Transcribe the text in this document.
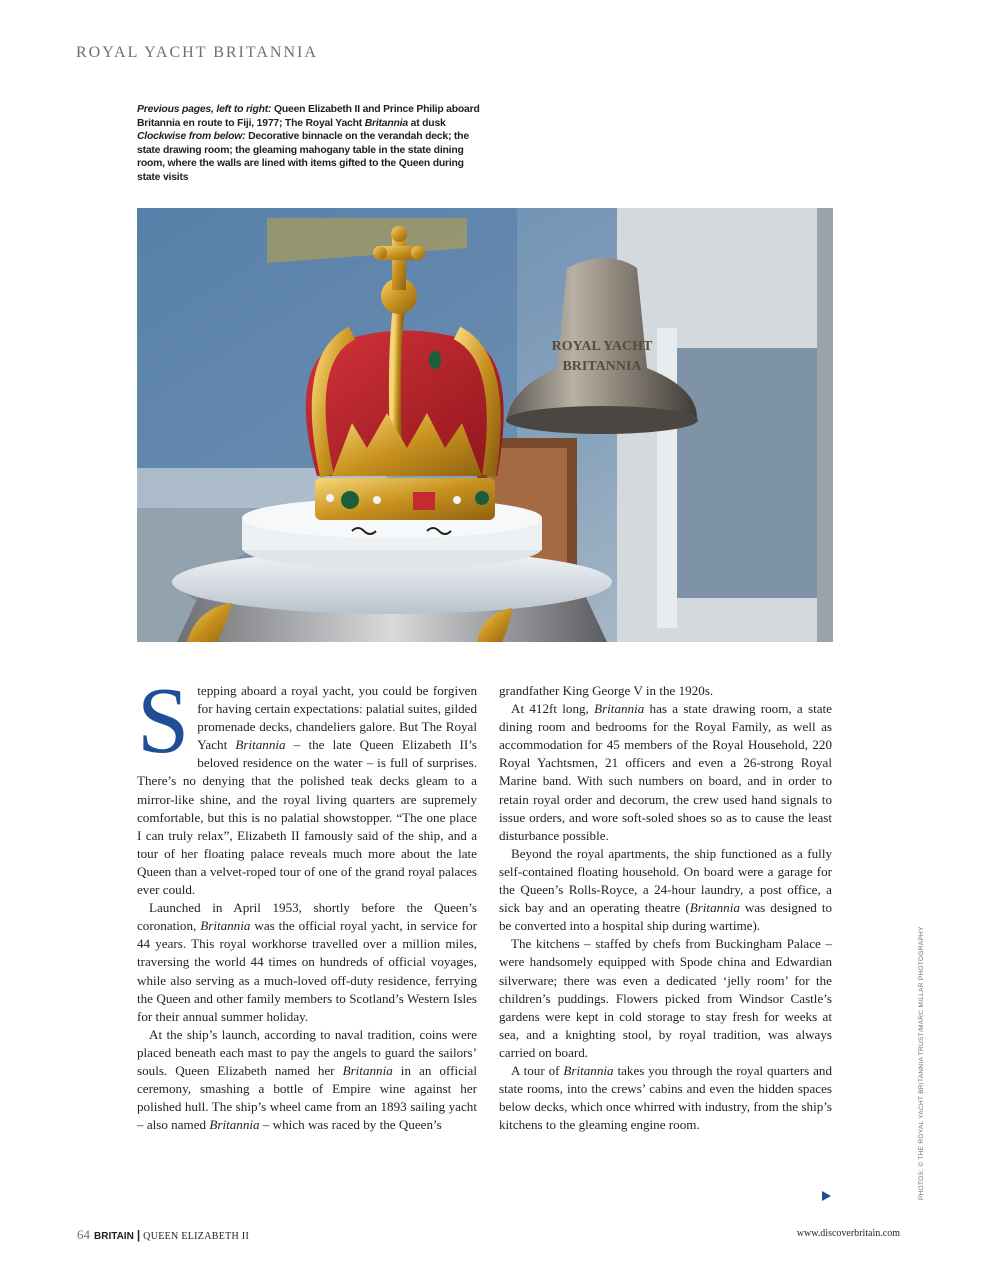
ROYAL YACHT BRITANNIA

Previous pages, left to right: Queen Elizabeth II and Prince Philip aboard Britannia en route to Fiji, 1977; The Royal Yacht Britannia at dusk

Clockwise from below: Decorative binnacle on the verandah deck; the state drawing room; the gleaming mahogany table in the state dining room, where the walls are lined with items gifted to the Queen during state visits

ROYAL YACHT
BRITANNIA

Stepping aboard a royal yacht, you could be forgiven for having certain expectations: palatial suites, gilded promenade decks, chandeliers galore. But The Royal Yacht Britannia – the late Queen Elizabeth II’s beloved residence on the water – is full of surprises. There’s no denying that the polished teak decks gleam to a mirror-like shine, and the royal living quarters are supremely comfortable, but this is no palatial showstopper. “The one place I can truly relax”, Elizabeth II famously said of the ship, and a tour of her floating palace reveals much more about the late Queen than a velvet-roped tour of one of the grand royal palaces ever could.

Launched in April 1953, shortly before the Queen’s coronation, Britannia was the official royal yacht, in service for 44 years. This royal workhorse travelled over a million miles, traversing the world 44 times on hundreds of official voyages, while also serving as a much-loved off-duty residence, ferrying the Queen and other family members to Scotland’s Western Isles for their annual summer holiday.

At the ship’s launch, according to naval tradition, coins were placed beneath each mast to pay the angels to guard the sailors’ souls. Queen Elizabeth named her Britannia in an official ceremony, smashing a bottle of Empire wine against her polished hull. The ship’s wheel came from an 1893 sailing yacht – also named Britannia – which was raced by the Queen’s

grandfather King George V in the 1920s.

At 412ft long, Britannia has a state drawing room, a state dining room and bedrooms for the Royal Family, as well as accommodation for 45 members of the Royal Household, 220 Royal Yachtsmen, 21 officers and even a 26-strong Royal Marine band. With such numbers on board, and in order to retain royal order and decorum, the crew used hand signals to issue orders, and wore soft-soled shoes so as to cause the least disturbance possible.

Beyond the royal apartments, the ship functioned as a fully self-contained floating household. On board were a garage for the Queen’s Rolls-Royce, a 24-hour laundry, a post office, a sick bay and an operating theatre (Britannia was designed to be converted into a hospital ship during wartime).

The kitchens – staffed by chefs from Buckingham Palace – were handsomely equipped with Spode china and Edwardian silverware; there was even a dedicated ‘jelly room’ for the children’s puddings. Flowers picked from Windsor Castle’s gardens were kept in cold storage to stay fresh for weeks at sea, and a knighting stool, by royal tradition, was always carried on board.

A tour of Britannia takes you through the royal quarters and state rooms, into the crews’ cabins and even the hidden spaces below decks, which once whirred with industry, from the ship’s kitchens to the gleaming engine room.	PHOTOS: © THE ROYAL YACHT BRITANNIA TRUST/MARC MILLAR PHOTOGRAPHY
64 BRITAIN | QUEEN ELIZABETH II	www.discoverbritain.com
